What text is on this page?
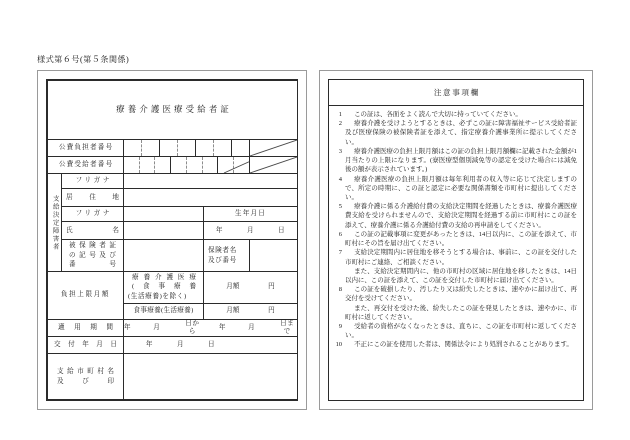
様式第６号(第５条関係)
療養介護医療受給者証				
公費負担者番号	

公費受給者番号	

支給決定障害者	フリガナ			

	居住地			

	フリガナ		生年月日	

	氏名		年 月 日	

被保険者証
の記号及び
番号

保険者名
及び番号

負担上限月額	
療養介護医療
(食事療養
(生活療養)を除く)

月額	円

		食事療養(生活療養)	月額 円	

適用期間	年	月
日から
年	月
日まで

交付年月日		年 月 日		

支給市町村名
及び印				

注意事項欄
1	この証は、各面をよく読んで大切に持っていてください。

2	療養介護を受けようとするときは、必ずこの証に障害福祉サービス受給者証及び医療保険の被保険者証を添えて、指定療養介護事業所に提示してください。

3	療養介護医療の負担上限月額はこの証の負担上限月額欄に記載された金額が1月当たりの上限になります。(寮医療型個別減免等の認定を受けた場合には減免後の額が表示されています。)

4	療養介護医療の負担上限月額は毎年利用者の収入等に応じて決定しますので、所定の時期に、この証と認定に必要な関係書類を市町村に提出してください。

5	療養介護に係る介護給付費の支給決定期間を経過したときは、療養介護医療費支給を受けられませんので、支給決定期間を経過する前に市町村にこの証を添えて、療養介護に係る介護給付費の支給の再申請をしてください。

6	この証の記載事項に変更があったときは、14日以内に、この証を添えて、市町村にその旨を届け出てください。

7	支給決定期間内に居住地を移そうとする場合は、事前に、この証を交付した市町村にご連絡、ご相談ください。

また、支給決定期間内に、他の市町村の区域に居住地を移したときは、14日以内に、この証を添えて、この証を交付した市町村に届け出てください。

8	この証を破損したり、汚したり又は紛失したときは、速やかに届け出て、再交付を受けてください。

また、再交付を受けた後、紛失したこの証を発見したときは、速やかに、市町村に返してください。

9	受給者の資格がなくなったときは、直ちに、この証を市町村に返してください。

10	不正にこの証を使用した者は、関係法令により処罰されることがあります。
